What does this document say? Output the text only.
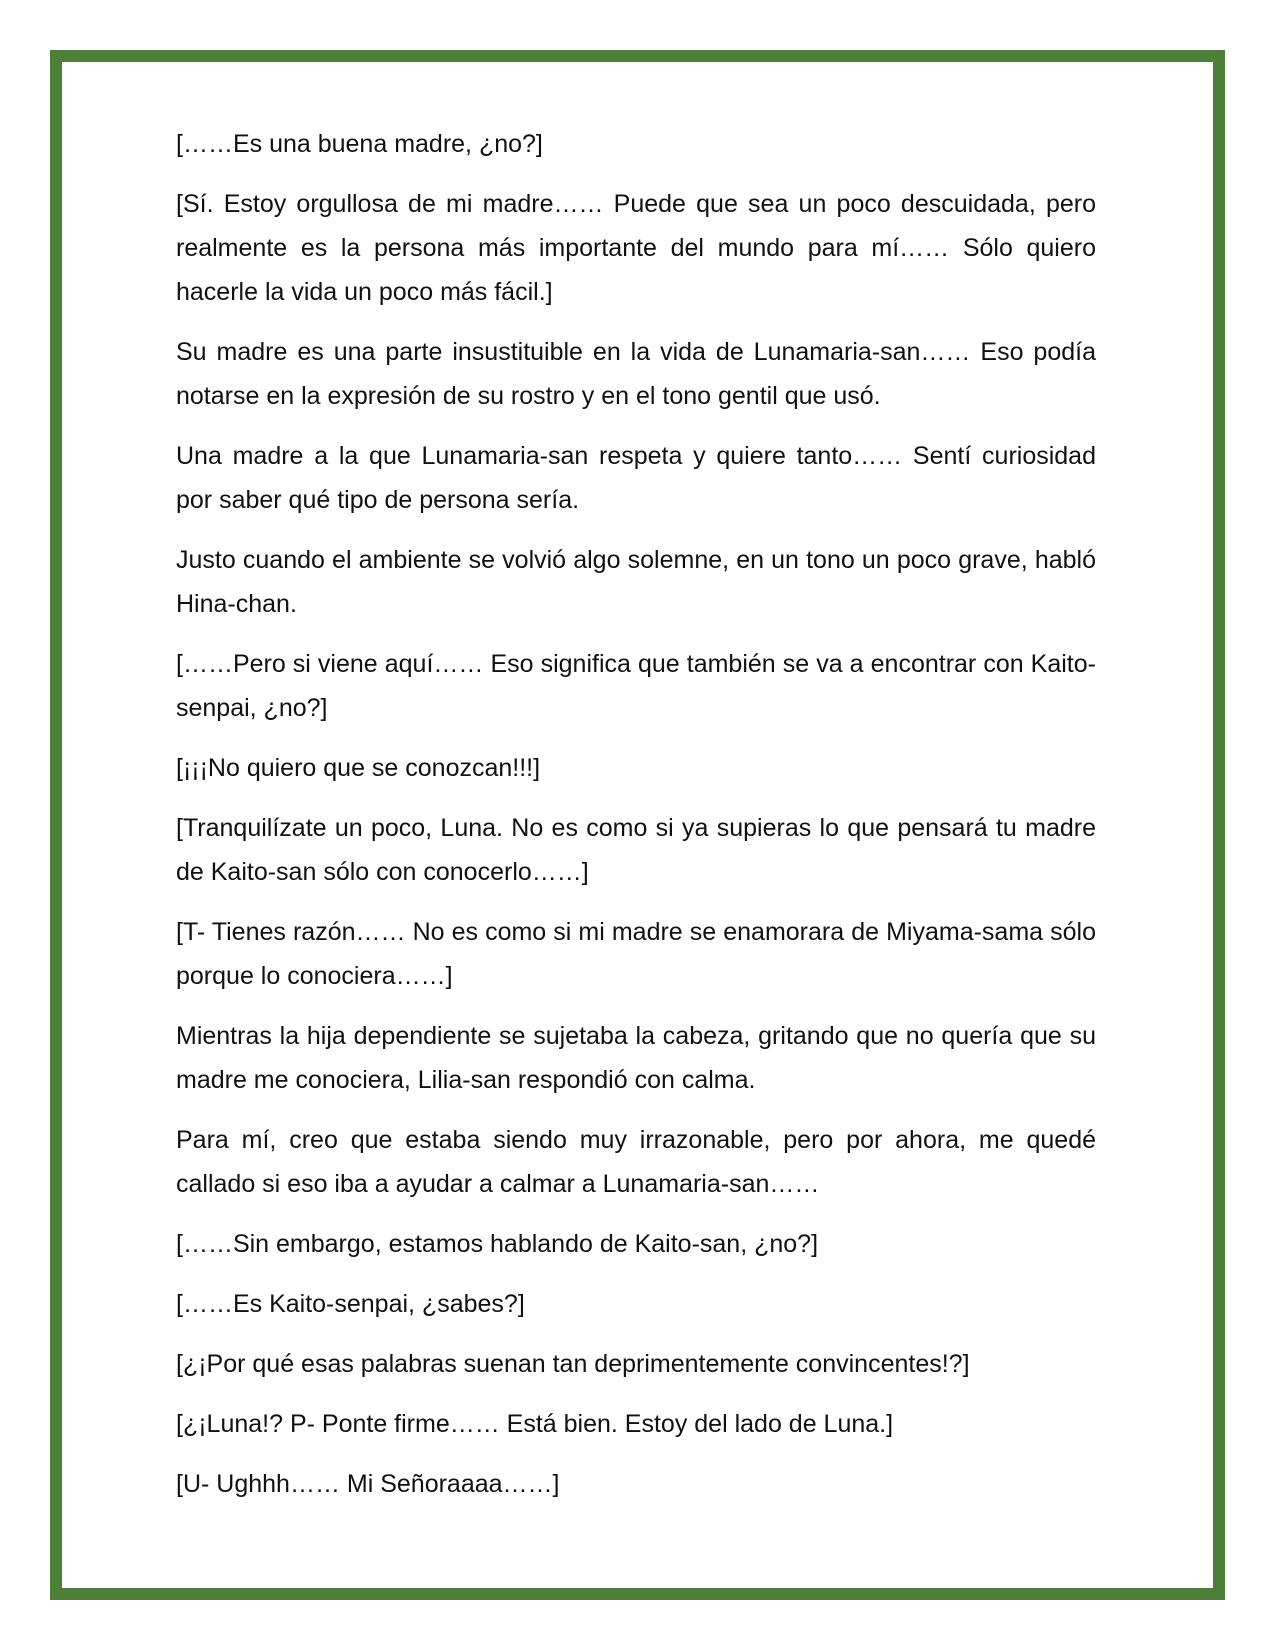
[……Es una buena madre, ¿no?]

[Sí. Estoy orgullosa de mi madre…… Puede que sea un poco descuidada, pero realmente es la persona más importante del mundo para mí…… Sólo quiero hacerle la vida un poco más fácil.]

Su madre es una parte insustituible en la vida de Lunamaria-san…… Eso podía notarse en la expresión de su rostro y en el tono gentil que usó.

Una madre a la que Lunamaria-san respeta y quiere tanto…… Sentí curiosidad por saber qué tipo de persona sería.

Justo cuando el ambiente se volvió algo solemne, en un tono un poco grave, habló Hina-chan.

[……Pero si viene aquí…… Eso significa que también se va a encontrar con Kaito-senpai, ¿no?]

[¡¡¡No quiero que se conozcan!!!]

[Tranquilízate un poco, Luna. No es como si ya supieras lo que pensará tu madre de Kaito-san sólo con conocerlo……]

[T- Tienes razón…… No es como si mi madre se enamorara de Miyama-sama sólo porque lo conociera……]

Mientras la hija dependiente se sujetaba la cabeza, gritando que no quería que su madre me conociera, Lilia-san respondió con calma.

Para mí, creo que estaba siendo muy irrazonable, pero por ahora, me quedé callado si eso iba a ayudar a calmar a Lunamaria-san……

[……Sin embargo, estamos hablando de Kaito-san, ¿no?]

[……Es Kaito-senpai, ¿sabes?]

[¿¡Por qué esas palabras suenan tan deprimentemente convincentes!?]

[¿¡Luna!? P- Ponte firme…… Está bien. Estoy del lado de Luna.]

[U- Ughhh…… Mi Señoraaaa……]
